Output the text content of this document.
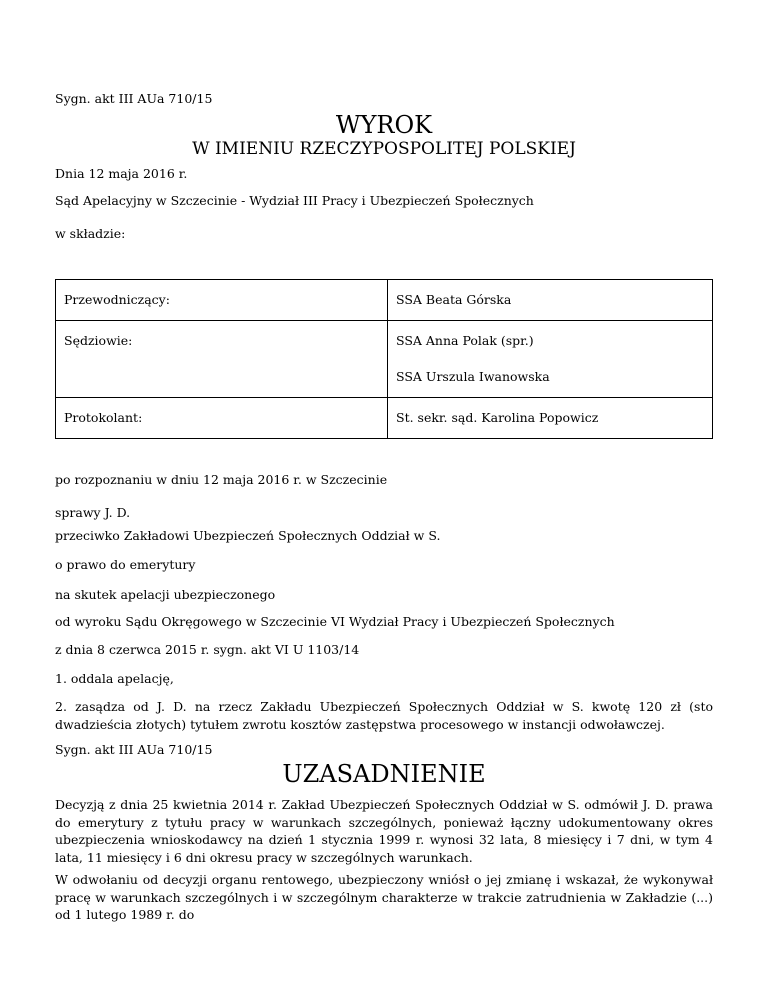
Sygn. akt III AUa 710/15
WYROK
W IMIENIU RZECZYPOSPOLITEJ POLSKIEJ
Dnia 12 maja 2016 r.
Sąd Apelacyjny w Szczecinie - Wydział III Pracy i Ubezpieczeń Społecznych
w składzie:
Przewodniczący:	SSA Beata Górska

Sędziowie:	SSA Anna Polak (spr.)
SSA Urszula Iwanowska

Protokolant:	St. sekr. sąd. Karolina Popowicz
po rozpoznaniu w dniu 12 maja 2016 r. w Szczecinie
sprawy J. D.
przeciwko Zakładowi Ubezpieczeń Społecznych Oddział w S.
o prawo do emerytury
na skutek apelacji ubezpieczonego
od wyroku Sądu Okręgowego w Szczecinie VI Wydział Pracy i Ubezpieczeń Społecznych
z dnia 8 czerwca 2015 r. sygn. akt VI U 1103/14
1. oddala apelację,
2. zasądza od J. D. na rzecz Zakładu Ubezpieczeń Społecznych Oddział w S. kwotę 120 zł (sto dwadzieścia złotych) tytułem zwrotu kosztów zastępstwa procesowego w instancji odwoławczej.
Sygn. akt III AUa 710/15
UZASADNIENIE
Decyzją z dnia 25 kwietnia 2014 r. Zakład Ubezpieczeń Społecznych Oddział w S. odmówił J. D. prawa do emerytury z tytułu pracy w warunkach szczególnych, ponieważ łączny udokumentowany okres ubezpieczenia wnioskodawcy na dzień 1 stycznia 1999 r. wynosi 32 lata, 8 miesięcy i 7 dni, w tym 4 lata, 11 miesięcy i 6 dni okresu pracy w szczególnych warunkach.
W odwołaniu od decyzji organu rentowego, ubezpieczony wniósł o jej zmianę i wskazał, że wykonywał pracę w warunkach szczególnych i w szczególnym charakterze w trakcie zatrudnienia w Zakładzie (...) od 1 lutego 1989 r. do
